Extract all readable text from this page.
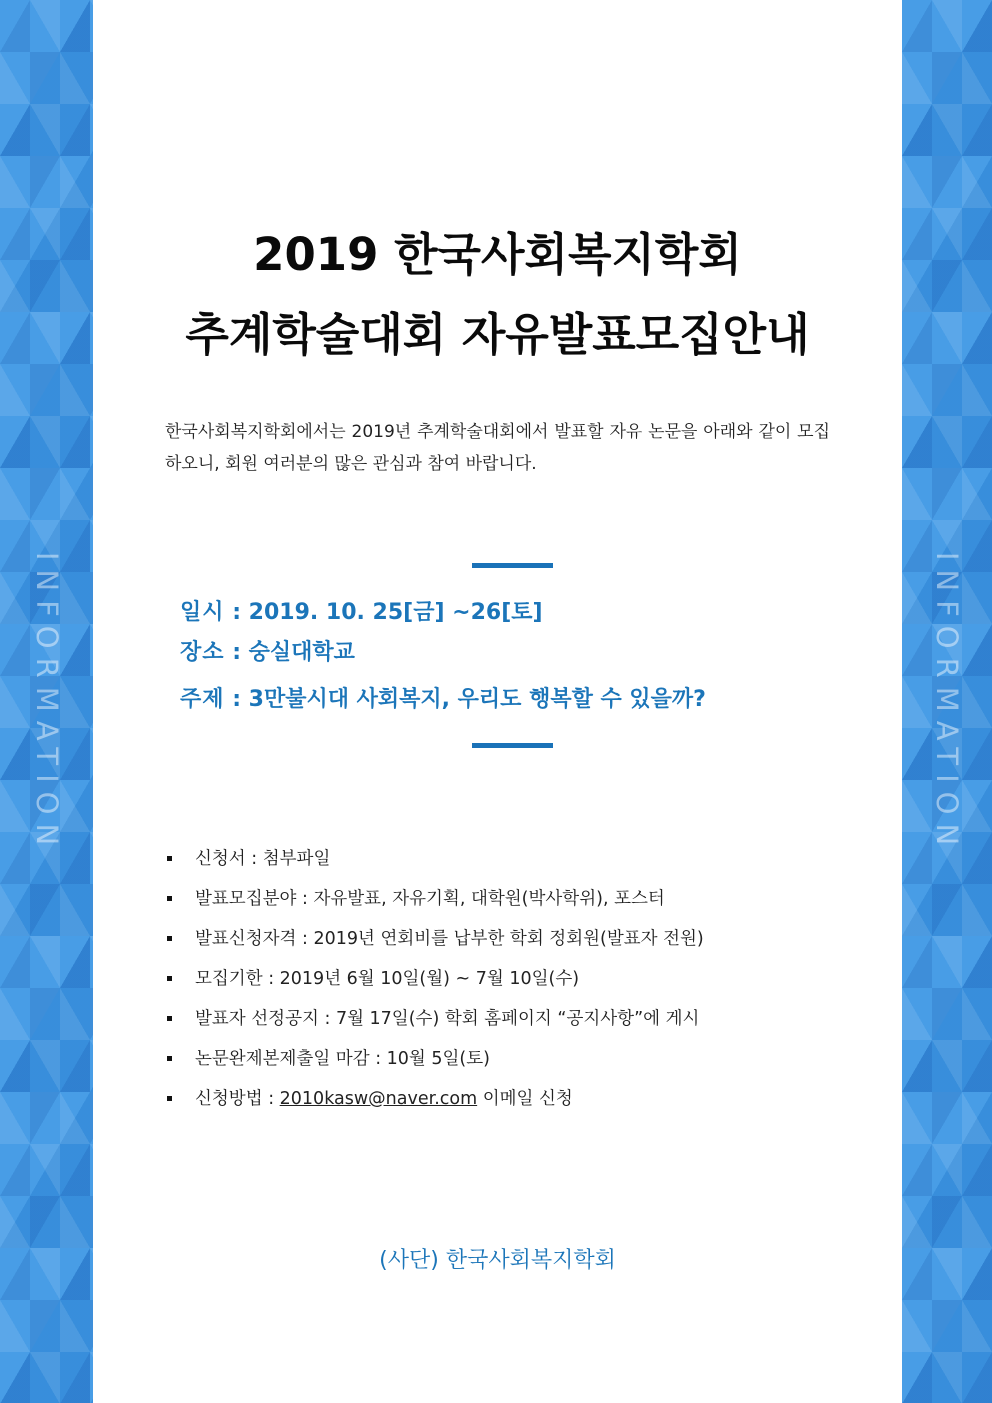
INFORMATION	INFORMATION
2019 한국사회복지학회
추계학술대회 자유발표모집안내

한국사회복지학회에서는 2019년 추계학술대회에서 발표할 자유 논문을 아래와 같이 모집하오니, 회원 여러분의 많은 관심과 참여 바랍니다.

일시 : 2019. 10. 25[금] ~26[토]
장소 : 숭실대학교
주제 : 3만불시대 사회복지, 우리도 행복할 수 있을까?
신청서 : 첨부파일
발표모집분야 : 자유발표, 자유기획, 대학원(박사학위), 포스터
발표신청자격 : 2019년 연회비를 납부한 학회 정회원(발표자 전원)
모집기한 : 2019년 6월 10일(월) ~ 7월 10일(수)
발표자 선정공지 : 7월 17일(수) 학회 홈페이지 “공지사항”에 게시
논문완제본제출일 마감 : 10월 5일(토)
신청방법 : 2010kasw@naver.com 이메일 신청
(사단) 한국사회복지학회
